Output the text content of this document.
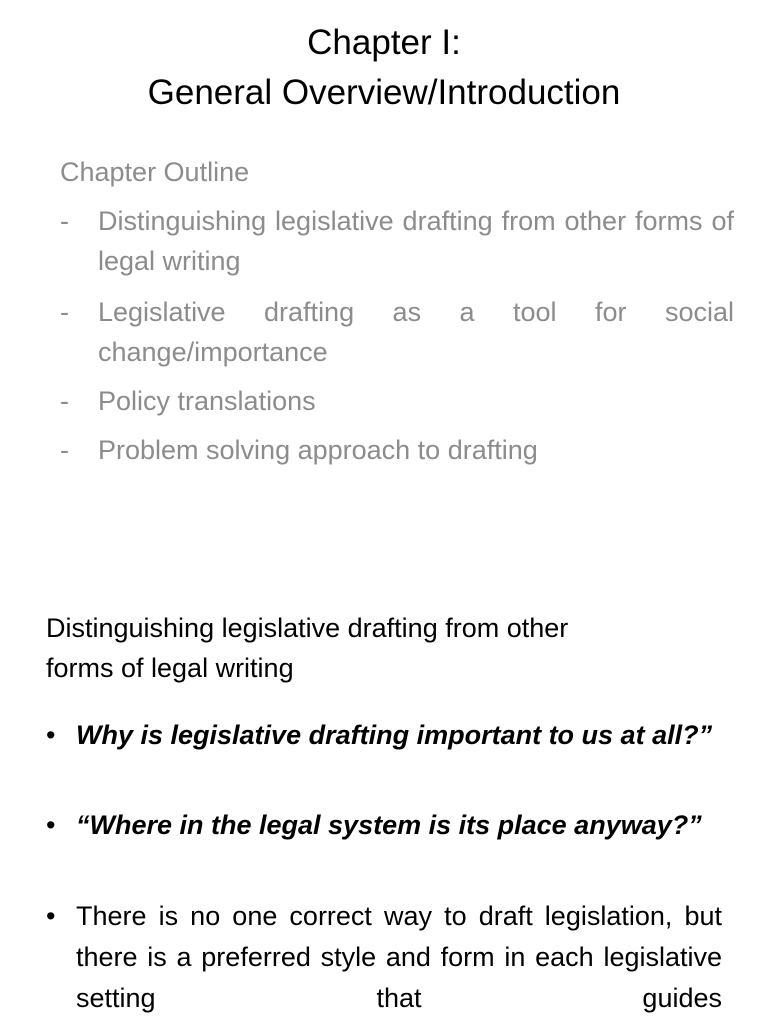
Chapter I:
General Overview/Introduction
Chapter Outline
-	Distinguishing legislative drafting from other forms of legal writing
-	Legislative drafting as a tool for social change/importance
-	Policy translations
-	Problem solving approach to drafting
Distinguishing legislative drafting from other
forms of legal writing
• Why is legislative drafting important to us at all?”
• “Where in the legal system is its place anyway?”
• There is no one correct way to draft legislation, but there is a preferred style and form in each legislative setting that guides
